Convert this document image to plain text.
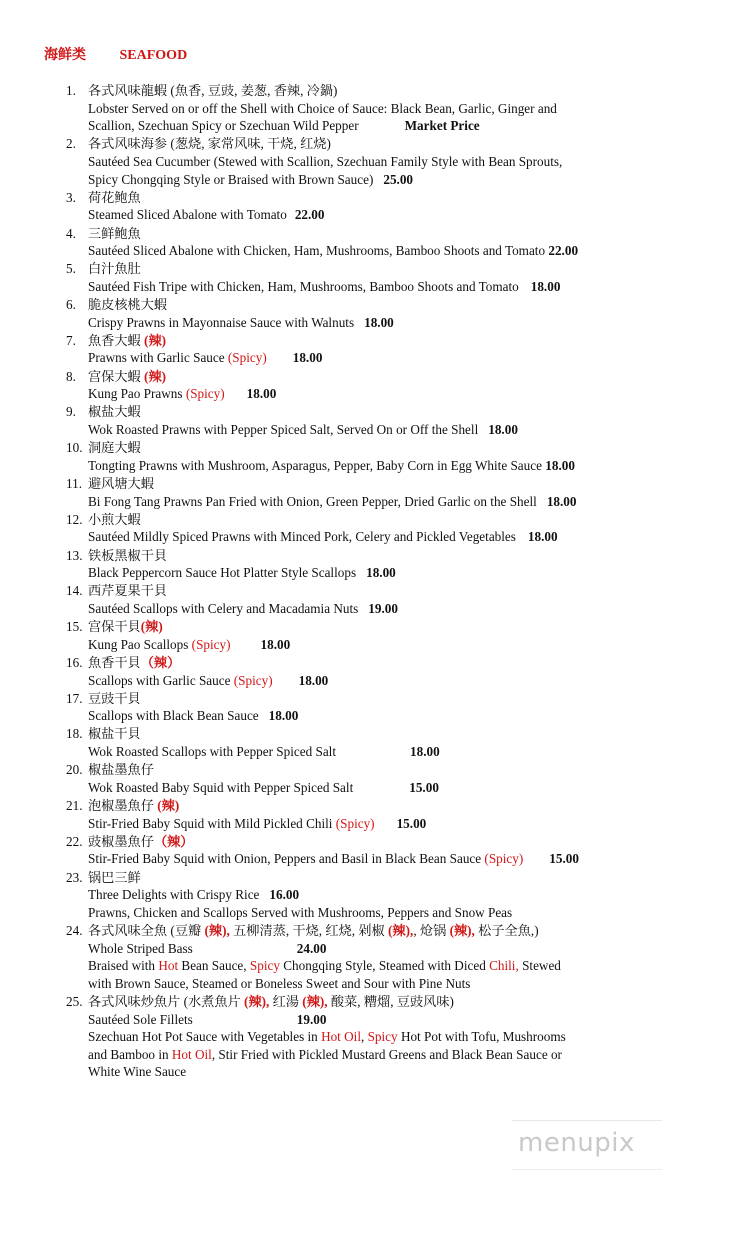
海鲜类 SEAFOOD
1. 各式风味龍蝦 (魚香, 豆豉, 姜葱, 香辣, 冷鍋)
Lobster Served on or off the Shell with Choice of Sauce: Black Bean, Garlic, Ginger and
Scallion, Szechuan Spicy or Szechuan Wild Pepper	Market Price
2. 各式风味海参 (葱烧, 家常风味, 干烧, 红烧)
Sautéed Sea Cucumber (Stewed with Scallion, Szechuan Family Style with Bean Sprouts,
Spicy Chongqing Style or Braised with Brown Sauce) 25.00
3. 荷花鲍魚
Steamed Sliced Abalone with Tomato 22.00
4. 三鲜鲍魚
Sautéed Sliced Abalone with Chicken, Ham, Mushrooms, Bamboo Shoots and Tomato 22.00
5. 白汁魚肚
Sautéed Fish Tripe with Chicken, Ham, Mushrooms, Bamboo Shoots and Tomato 18.00
6. 脆皮核桃大蝦
Crispy Prawns in Mayonnaise Sauce with Walnuts 18.00
7. 魚香大蝦 (辣)
Prawns with Garlic Sauce (Spicy) 18.00
8. 宫保大蝦 (辣)
Kung Pao Prawns (Spicy) 18.00
9. 椒盐大蝦
Wok Roasted Prawns with Pepper Spiced Salt, Served On or Off the Shell 18.00
10. 洞庭大蝦
Tongting Prawns with Mushroom, Asparagus, Pepper, Baby Corn in Egg White Sauce 18.00
11. 避风塘大蝦
Bi Fong Tang Prawns Pan Fried with Onion, Green Pepper, Dried Garlic on the Shell 18.00
12. 小煎大蝦
Sautéed Mildly Spiced Prawns with Minced Pork, Celery and Pickled Vegetables 18.00
13. 铁板黑椒干貝
Black Peppercorn Sauce Hot Platter Style Scallops 18.00
14. 西芹夏果干貝
Sautéed Scallops with Celery and Macadamia Nuts 19.00
15. 宫保干貝(辣)
Kung Pao Scallops (Spicy) 18.00
16. 魚香干貝（辣）
Scallops with Garlic Sauce (Spicy) 18.00
17. 豆豉干貝
Scallops with Black Bean Sauce 18.00
18. 椒盐干貝
Wok Roasted Scallops with Pepper Spiced Salt	18.00
20. 椒盐墨魚仔
Wok Roasted Baby Squid with Pepper Spiced Salt	15.00
21. 泡椒墨魚仔 (辣)
Stir-Fried Baby Squid with Mild Pickled Chili (Spicy) 15.00
22. 豉椒墨魚仔（辣）
Stir-Fried Baby Squid with Onion, Peppers and Basil in Black Bean Sauce (Spicy) 15.00
23. 锅巴三鲜
Three Delights with Crispy Rice 16.00
Prawns, Chicken and Scallops Served with Mushrooms, Peppers and Snow Peas
24. 各式风味全魚 (豆瓣 (辣), 五柳清蒸, 干烧, 红烧, 剁椒 (辣),, 炝锅 (辣), 松子全魚,)
Whole Striped Bass	24.00
Braised with Hot Bean Sauce, Spicy Chongqing Style, Steamed with Diced Chili, Stewed
with Brown Sauce, Steamed or Boneless Sweet and Sour with Pine Nuts
25. 各式风味炒魚片 (水煮魚片 (辣), 红湯 (辣), 酸菜, 糟熘, 豆豉风味)
Sautéed Sole Fillets	19.00
Szechuan Hot Pot Sauce with Vegetables in Hot Oil, Spicy Hot Pot with Tofu, Mushrooms
and Bamboo in Hot Oil, Stir Fried with Pickled Mustard Greens and Black Bean Sauce or
White Wine Sauce
menupix
